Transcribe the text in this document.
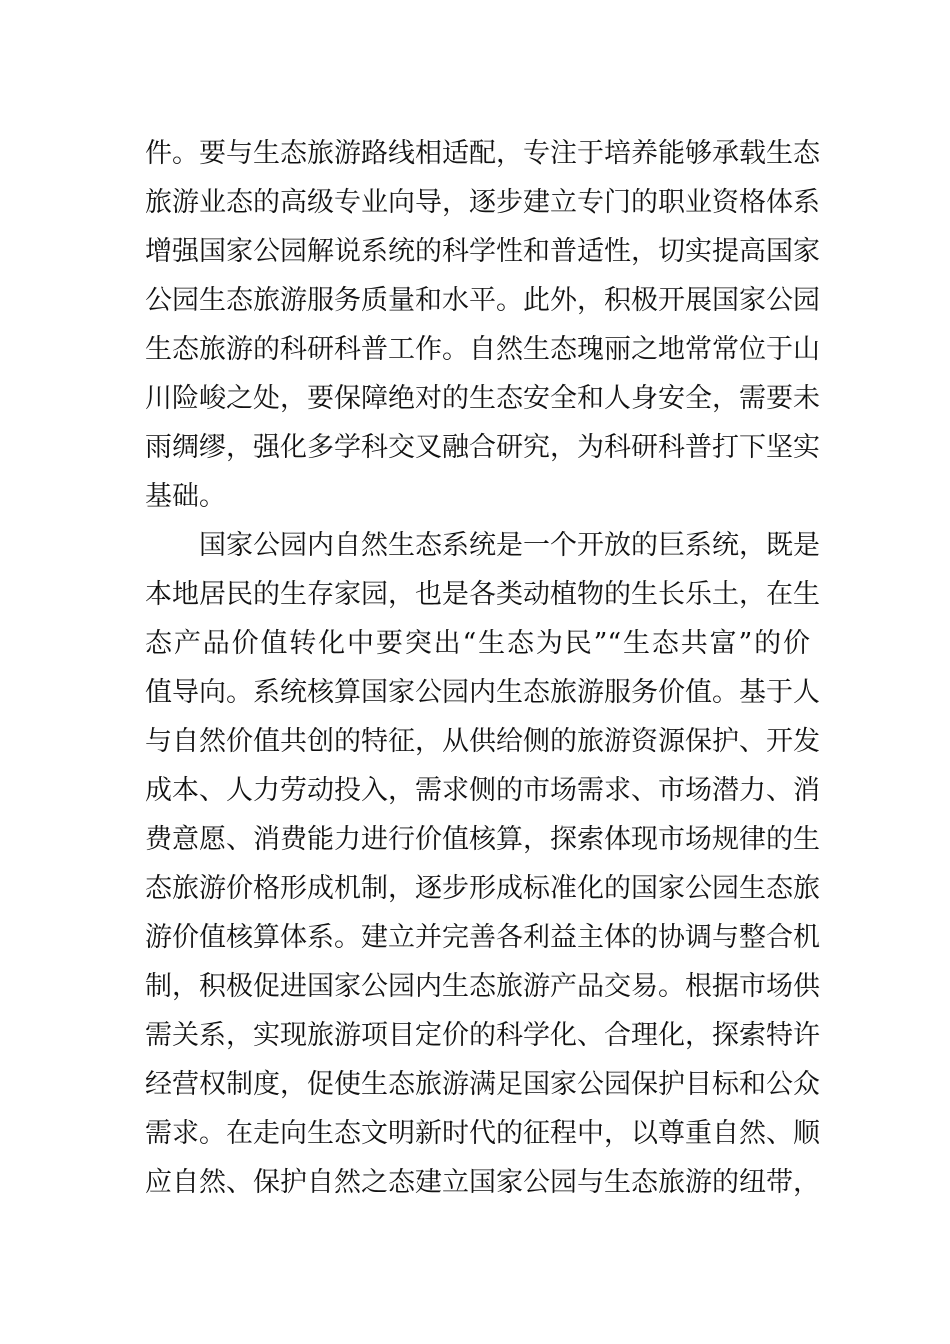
件。要与生态旅游路线相适配，专注于培养能够承载生态
旅游业态的高级专业向导，逐步建立专门的职业资格体系
增强国家公园解说系统的科学性和普适性，切实提高国家
公园生态旅游服务质量和水平。此外，积极开展国家公园
生态旅游的科研科普工作。自然生态瑰丽之地常常位于山
川险峻之处，要保障绝对的生态安全和人身安全，需要未
雨绸缪，强化多学科交叉融合研究，为科研科普打下坚实
基础。
国家公园内自然生态系统是一个开放的巨系统，既是
本地居民的生存家园，也是各类动植物的生长乐土，在生
态产品价值转化中要突出“生态为民”“生态共富”的价
值导向。系统核算国家公园内生态旅游服务价值。基于人
与自然价值共创的特征，从供给侧的旅游资源保护、开发
成本、人力劳动投入，需求侧的市场需求、市场潜力、消
费意愿、消费能力进行价值核算，探索体现市场规律的生
态旅游价格形成机制，逐步形成标准化的国家公园生态旅
游价值核算体系。建立并完善各利益主体的协调与整合机
制，积极促进国家公园内生态旅游产品交易。根据市场供
需关系，实现旅游项目定价的科学化、合理化，探索特许
经营权制度，促使生态旅游满足国家公园保护目标和公众
需求。在走向生态文明新时代的征程中，以尊重自然、顺
应自然、保护自然之态建立国家公园与生态旅游的纽带，
